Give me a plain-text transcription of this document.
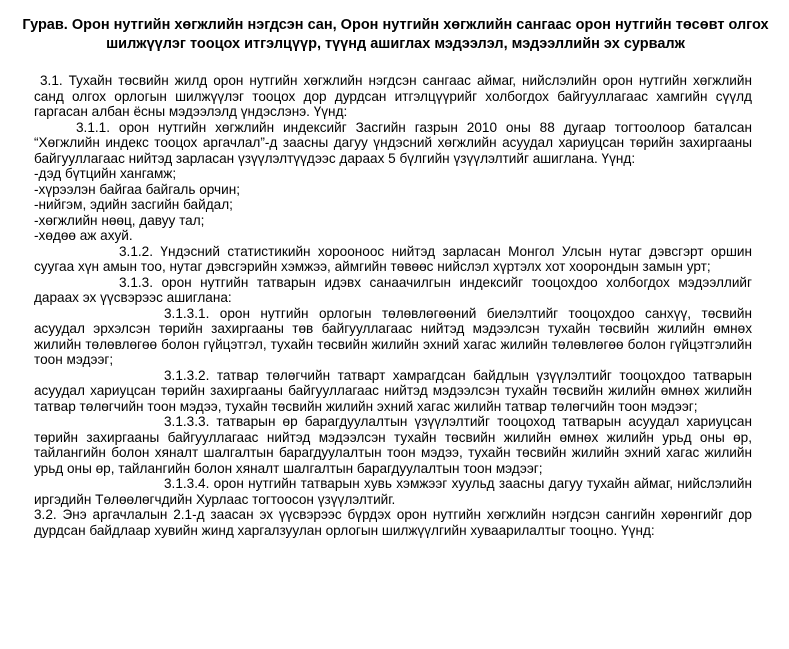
Гурав. Орон нутгийн хөгжлийн нэгдсэн сан, Орон нутгийн хөгжлийн сангаас орон нутгийн төсөвт олгох шилжүүлэг тооцох итгэлцүүр, түүнд ашиглах мэдээлэл, мэдээллийн эх сурвалж

3.1. Тухайн төсвийн жилд орон нутгийн хөгжлийн нэгдсэн сангаас аймаг, нийслэлийн орон нутгийн хөгжлийн санд олгох орлогын шилжүүлэг тооцох дор дурдсан итгэлцүүрийг холбогдох байгууллагаас хамгийн сүүлд гаргасан албан ёсны мэдээлэлд үндэслэнэ. Үүнд:

3.1.1. орон нутгийн хөгжлийн индексийг Засгийн газрын 2010 оны 88 дугаар тогтоолоор баталсан “Хөгжлийн индекс тооцох аргачлал”-д заасны дагуу үндэсний хөгжлийн асуудал хариуцсан төрийн захиргааны байгууллагаас нийтэд зарласан үзүүлэлтүүдээс дараах 5 бүлгийн үзүүлэлтийг ашиглана. Үүнд:

-дэд бүтцийн хангамж;

-хүрээлэн байгаа байгаль орчин;

-нийгэм, эдийн засгийн байдал;

-хөгжлийн нөөц, давуу тал;

-хөдөө аж ахуй.

3.1.2. Үндэсний статистикийн хорооноос нийтэд зарласан Монгол Улсын нутаг дэвсгэрт оршин суугаа хүн амын тоо, нутаг дэвсгэрийн хэмжээ, аймгийн төвөөс нийслэл хүртэлх хот хоорондын замын урт;

3.1.3. орон нутгийн татварын идэвх санаачилгын индексийг тооцохдоо холбогдох мэдээллийг дараах эх үүсвэрээс ашиглана:

3.1.3.1. орон нутгийн орлогын төлөвлөгөөний биелэлтийг тооцохдоо санхүү, төсвийн асуудал эрхэлсэн төрийн захиргааны төв байгууллагаас нийтэд мэдээлсэн тухайн төсвийн жилийн өмнөх жилийн төлөвлөгөө болон гүйцэтгэл, тухайн төсвийн жилийн эхний хагас жилийн төлөвлөгөө болон гүйцэтгэлийн тоон мэдээг;

3.1.3.2. татвар төлөгчийн татварт хамрагдсан байдлын үзүүлэлтийг тооцохдоо татварын асуудал хариуцсан төрийн захиргааны байгууллагаас нийтэд мэдээлсэн тухайн төсвийн жилийн өмнөх жилийн татвар төлөгчийн тоон мэдээ, тухайн төсвийн жилийн эхний хагас жилийн татвар төлөгчийн тоон мэдээг;

3.1.3.3. татварын өр барагдуулалтын үзүүлэлтийг тооцоход татварын асуудал хариуцсан төрийн захиргааны байгууллагаас нийтэд мэдээлсэн тухайн төсвийн жилийн өмнөх жилийн урьд оны өр, тайлангийн болон хяналт шалгалтын барагдуулалтын тоон мэдээ, тухайн төсвийн жилийн эхний хагас жилийн урьд оны өр, тайлангийн болон хяналт шалгалтын барагдуулалтын тоон мэдээг;

3.1.3.4. орон нутгийн татварын хувь хэмжээг хуульд заасны дагуу тухайн аймаг, нийслэлийн иргэдийн Төлөөлөгчдийн Хурлаас тогтоосон үзүүлэлтийг.

3.2. Энэ аргачлалын 2.1-д заасан эх үүсвэрээс бүрдэх орон нутгийн хөгжлийн нэгдсэн сангийн хөрөнгийг дор дурдсан байдлаар хувийн жинд харгалзуулан орлогын шилжүүлгийн хуваарилалтыг тооцно. Үүнд:
